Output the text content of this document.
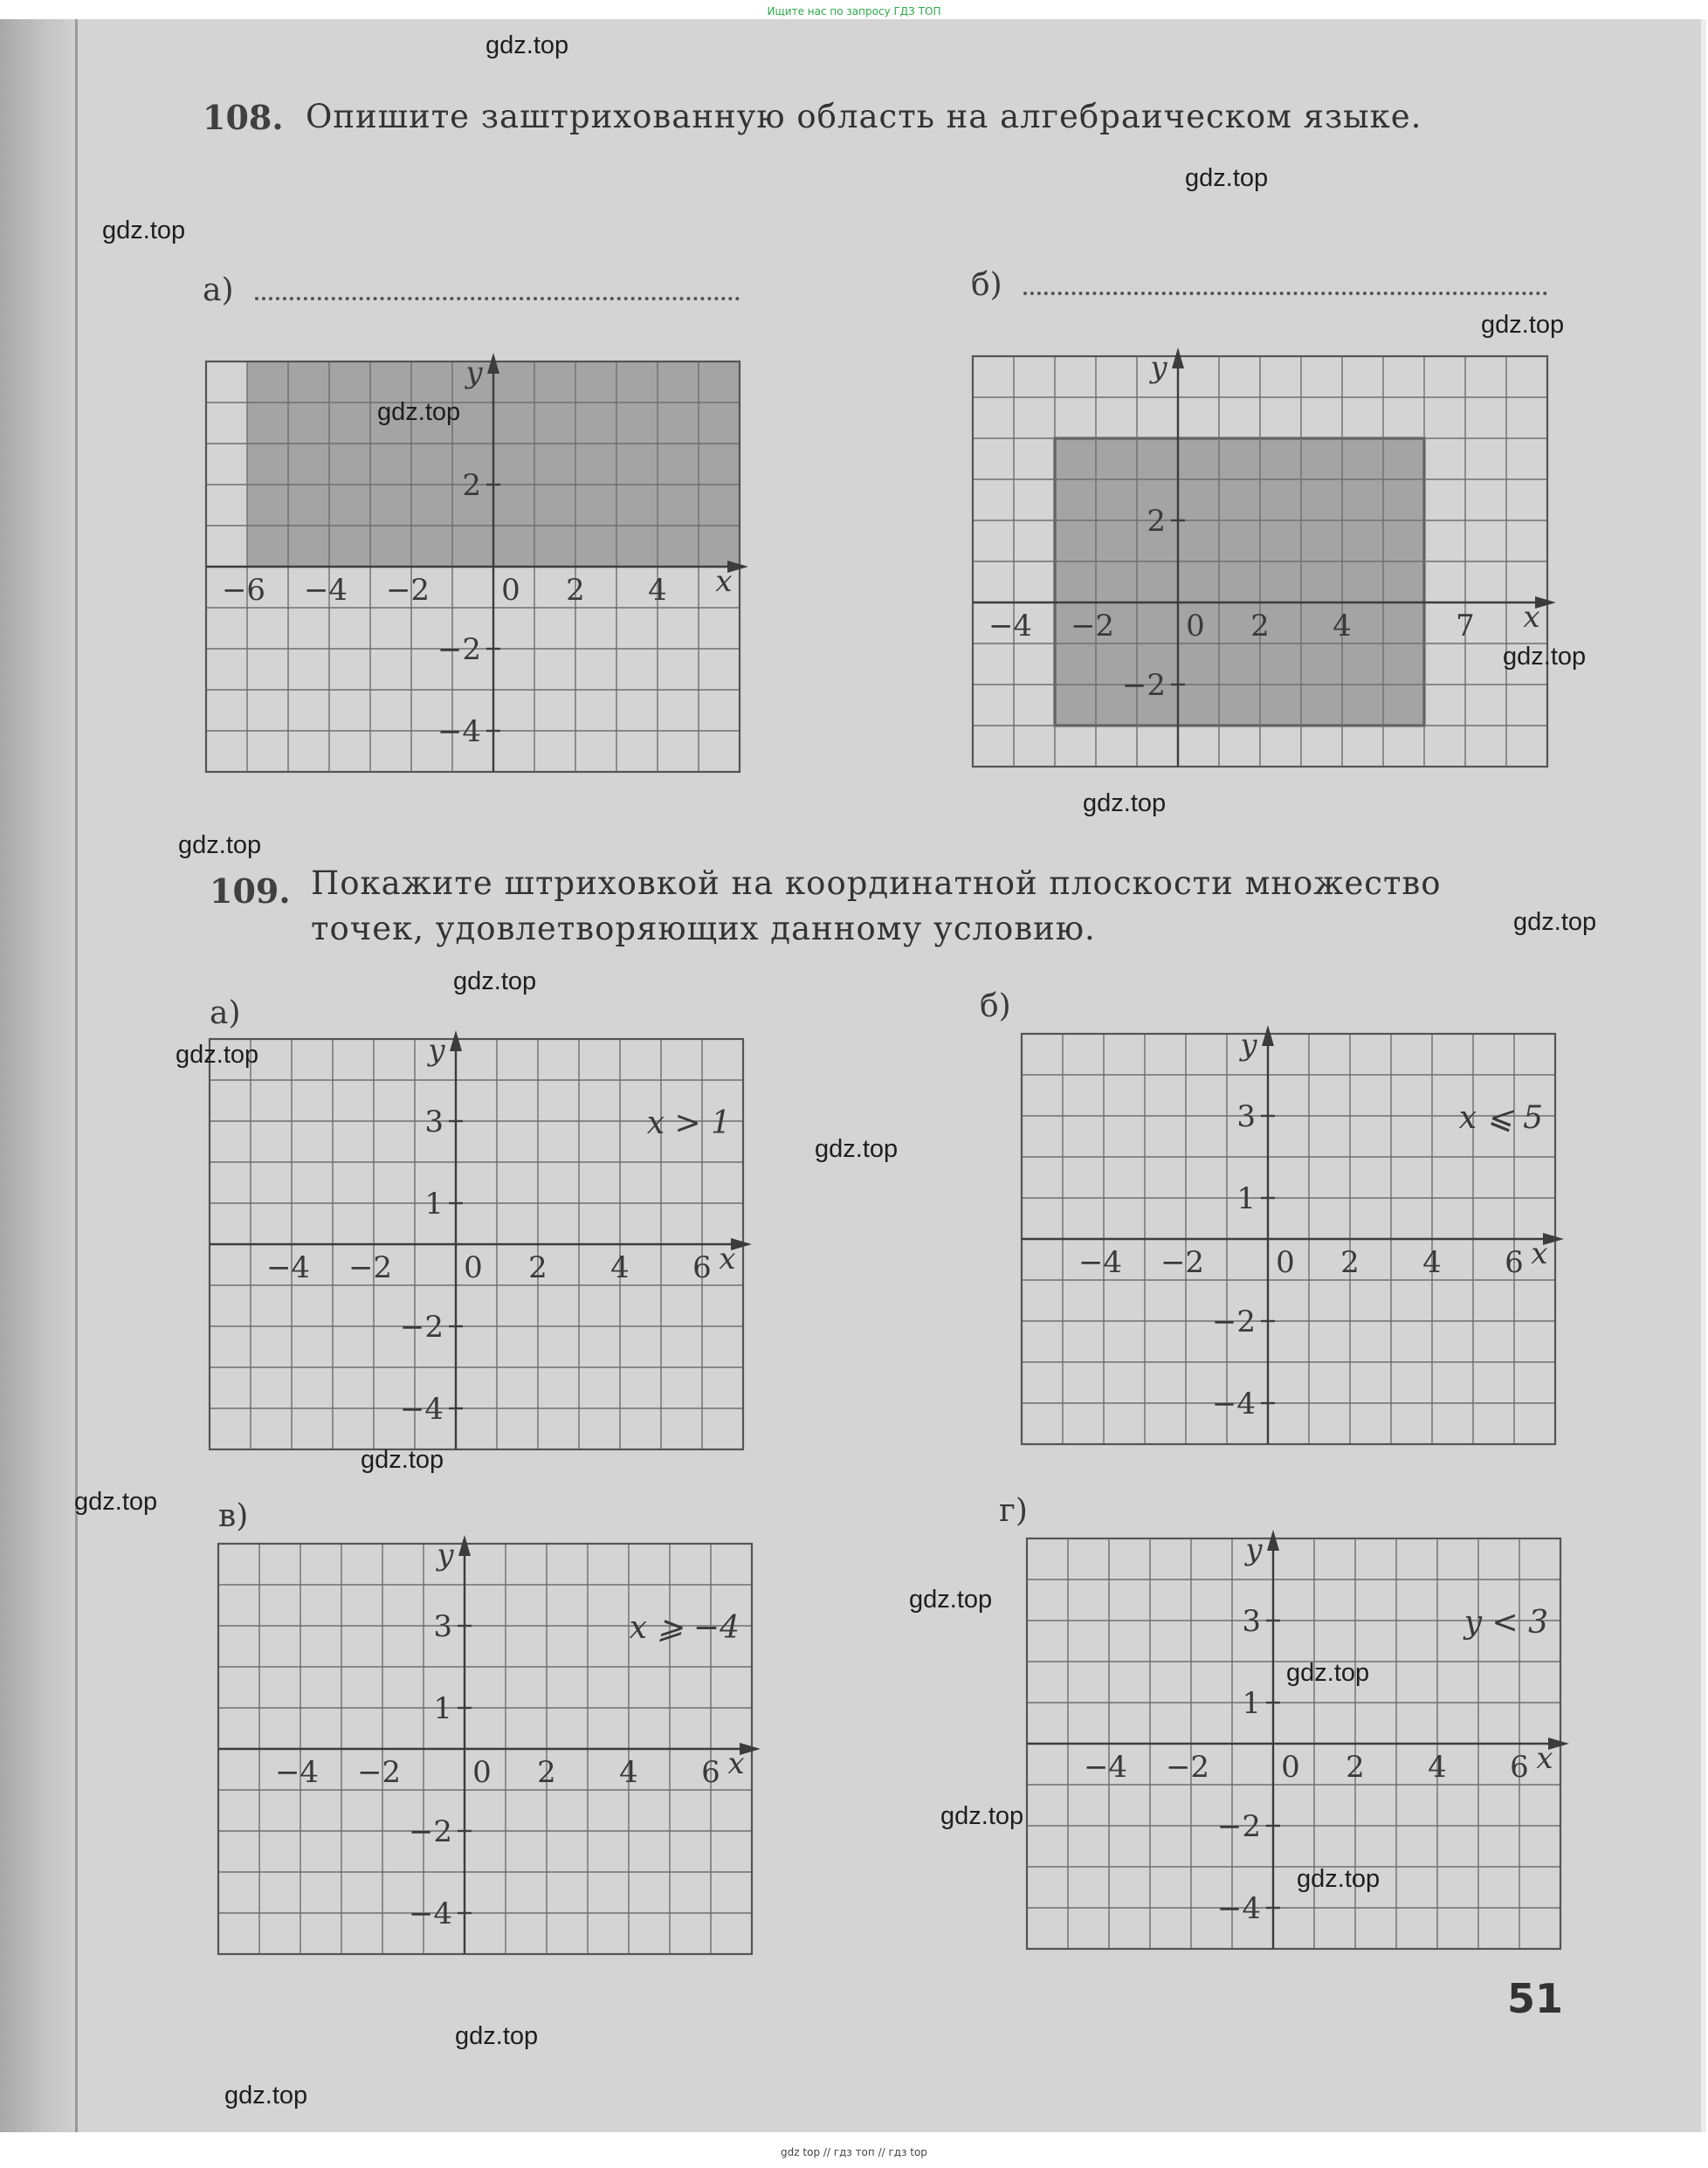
Ищите нас по запросу ГДЗ ТОП
108. Опишите заштрихованную область на алгебраическом языке.
а)	б)
−6 −4 −2 0 2 4
2
−2
−4
x
y
−4 −2 0 2 4	7
2
−2
x
y
109. Покажите штриховкой на координатной плоскости множество
точек, удовлетворяющих данному условию.
а)	б)
в)	г)
−4 −2 0 2 4 6
3
1
−2
−4
x
y
x > 1
−4 −2 0 2 4 6
3
1
−2
−4
x
y
x ⩽ 5
−4 −2 0 2 4 6
3
1
−2
−4
x
y
x ⩾ −4
−4 −2 0 2 4 6
3
1
−2
−4
x
y
y < 3
51
gdz top // гдз топ // гдз top
gdz.top
gdz.top
gdz.top
gdz.top
gdz.top
gdz.top
gdz.top
gdz.top
gdz.top
gdz.top
gdz.top
gdz.top
gdz.top
gdz.top
gdz.top
gdz.top
gdz.top
gdz.top
gdz.top
gdz.top
